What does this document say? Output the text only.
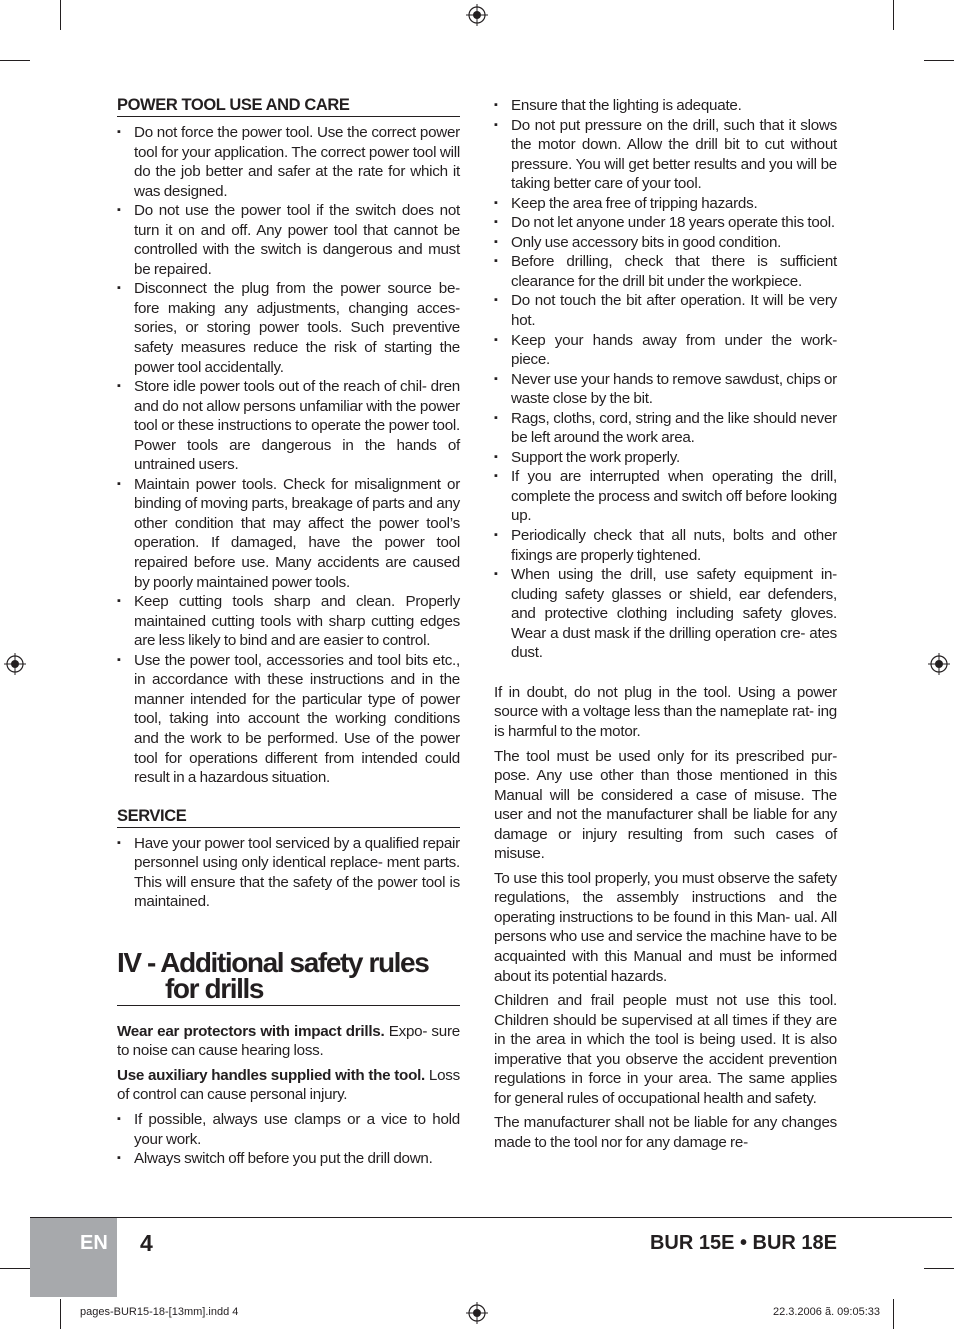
POWER TOOL USE AND CARE
▪ Do not force the power tool. Use the correct power tool for your application. The correct power tool will do the job better and safer at the rate for which it was designed.
▪ Do not use the power tool if the switch does not turn it on and off. Any power tool that cannot be controlled with the switch is dangerous and must be repaired.
▪ Disconnect the plug from the power source be- fore making any adjustments, changing acces- sories, or storing power tools. Such preventive safety measures reduce the risk of starting the power tool accidentally.
▪ Store idle power tools out of the reach of chil- dren and do not allow persons unfamiliar with the power tool or these instructions to operate the power tool. Power tools are dangerous in the hands of untrained users.
▪ Maintain power tools. Check for misalignment or binding of moving parts, breakage of parts and any other condition that may affect the power tool’s operation. If damaged, have the power tool repaired before use. Many accidents are caused by poorly maintained power tools.
▪ Keep cutting tools sharp and clean. Properly maintained cutting tools with sharp cutting edges are less likely to bind and are easier to control.
▪ Use the power tool, accessories and tool bits etc., in accordance with these instructions and in the manner intended for the particular type of power tool, taking into account the working conditions and the work to be performed. Use of the power tool for operations different from intended could result in a hazardous situation.
SERVICE
▪ Have your power tool serviced by a qualified repair personnel using only identical replace- ment parts. This will ensure that the safety of the power tool is maintained.
IV - Additional safety rules
for drills

Wear ear protectors with impact drills. Expo- sure to noise can cause hearing loss.

Use auxiliary handles supplied with the tool. Loss of control can cause personal injury.

▪ If possible, always use clamps or a vice to hold your work.
▪ Always switch off before you put the drill down.
▪ Ensure that the lighting is adequate.
▪ Do not put pressure on the drill, such that it slows the motor down. Allow the drill bit to cut without pressure. You will get better results and you will be taking better care of your tool.
▪ Keep the area free of tripping hazards.
▪ Do not let anyone under 18 years operate this tool.
▪ Only use accessory bits in good condition.
▪ Before drilling, check that there is sufficient clearance for the drill bit under the workpiece.
▪ Do not touch the bit after operation. It will be very hot.
▪ Keep your hands away from under the work- piece.
▪ Never use your hands to remove sawdust, chips or waste close by the bit.
▪ Rags, cloths, cord, string and the like should never be left around the work area.
▪ Support the work properly.
▪ If you are interrupted when operating the drill, complete the process and switch off before looking up.
▪ Periodically check that all nuts, bolts and other fixings are properly tightened.
▪ When using the drill, use safety equipment in- cluding safety glasses or shield, ear defenders, and protective clothing including safety gloves. Wear a dust mask if the drilling operation cre- ates dust.

If in doubt, do not plug in the tool. Using a power source with a voltage less than the nameplate rat- ing is harmful to the motor.

The tool must be used only for its prescribed pur- pose. Any use other than those mentioned in this Manual will be considered a case of misuse. The user and not the manufacturer shall be liable for any damage or injury resulting from such cases of misuse.

To use this tool properly, you must observe the safety regulations, the assembly instructions and the operating instructions to be found in this Man- ual. All persons who use and service the machine have to be acquainted with this Manual and must be informed about its potential hazards.

Children and frail people must not use this tool. Children should be supervised at all times if they are in the area in which the tool is being used. It is also imperative that you observe the accident prevention regulations in force in your area. The same applies for general rules of occupational health and safety.

The manufacturer shall not be liable for any changes made to the tool nor for any damage re-

EN 4	BUR 15E • BUR 18E
pages-BUR15-18-[13mm].indd 4	22.3.2006 ã. 09:05:33
